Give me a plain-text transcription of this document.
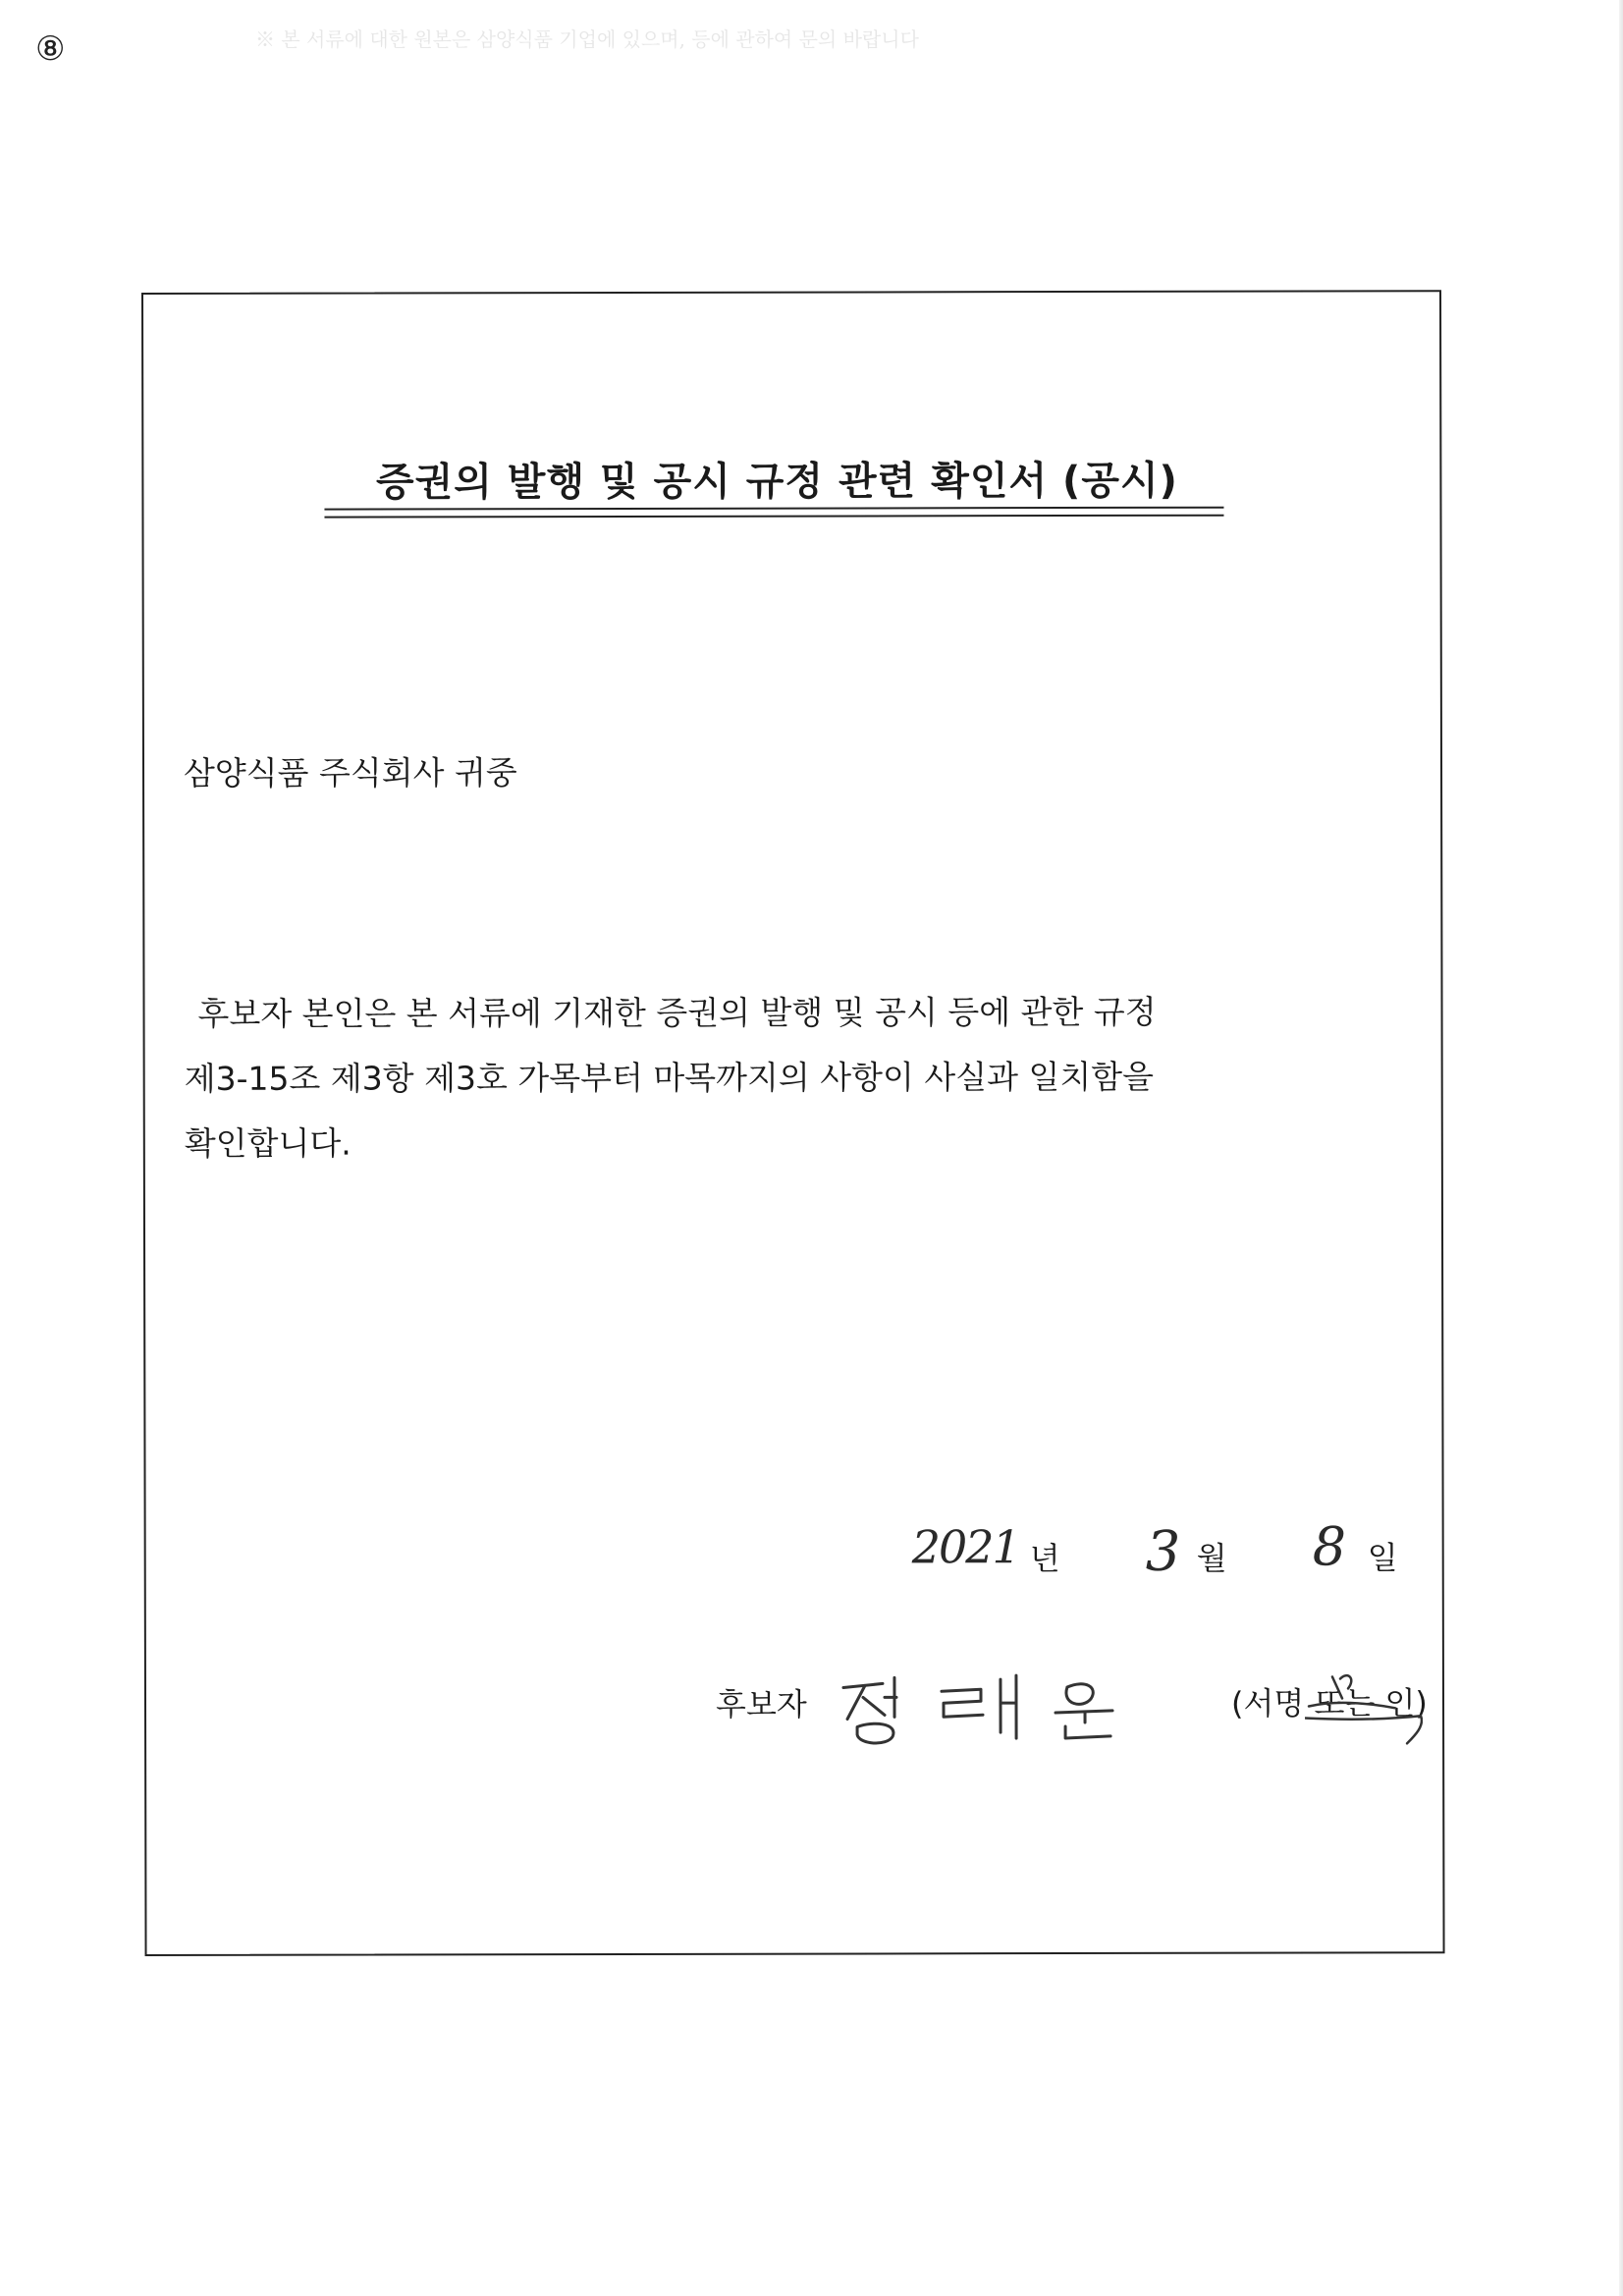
⑧	※ 본 서류에 대한 원본은 삼양식품 기업에 있으며, 등에 관하여 문의 바랍니다
증권의 발행 및 공시 규정 관련 확인서 (공시)
삼양식품 주식회사 귀중
후보자 본인은 본 서류에 기재한 증권의 발행 및 공시 등에 관한 규정
제3-15조 제3항 제3호 가목부터 마목까지의 사항이 사실과 일치함을
확인합니다.
2021 년 3 월 8 일
후보자	(서명 또는 인)
